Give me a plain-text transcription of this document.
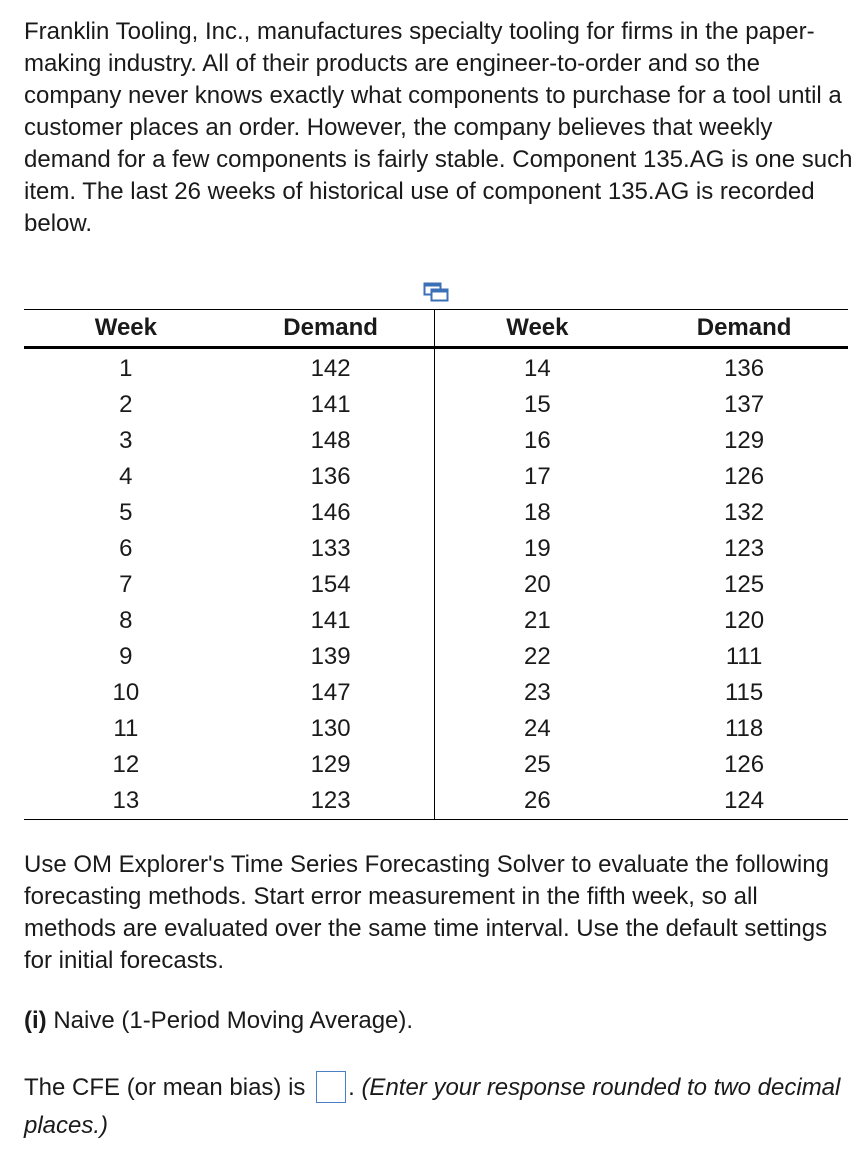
Franklin Tooling, Inc., manufactures specialty tooling for firms in the paper-making industry. All of their products are engineer-to-order and so the company never knows exactly what components to purchase for a tool until a customer places an order. However, the company believes that weekly demand for a few components is fairly stable. Component 135.AG is one such item. The last 26 weeks of historical use of component 135.AG is recorded below.

Week	Demand	Week	Demand
1	142	14	136
2	141	15	137
3	148	16	129
4	136	17	126
5	146	18	132
6	133	19	123
7	154	20	125
8	141	21	120
9	139	22	111
10	147	23	115
11	130	24	118
12	129	25	126
13	123	26	124

Use OM Explorer's Time Series Forecasting Solver to evaluate the following forecasting methods. Start error measurement in the fifth week, so all methods are evaluated over the same time interval. Use the default settings for initial forecasts.

(i) Naive (1-Period Moving Average).

The CFE (or mean bias) is . (Enter your response rounded to two decimal places.)
